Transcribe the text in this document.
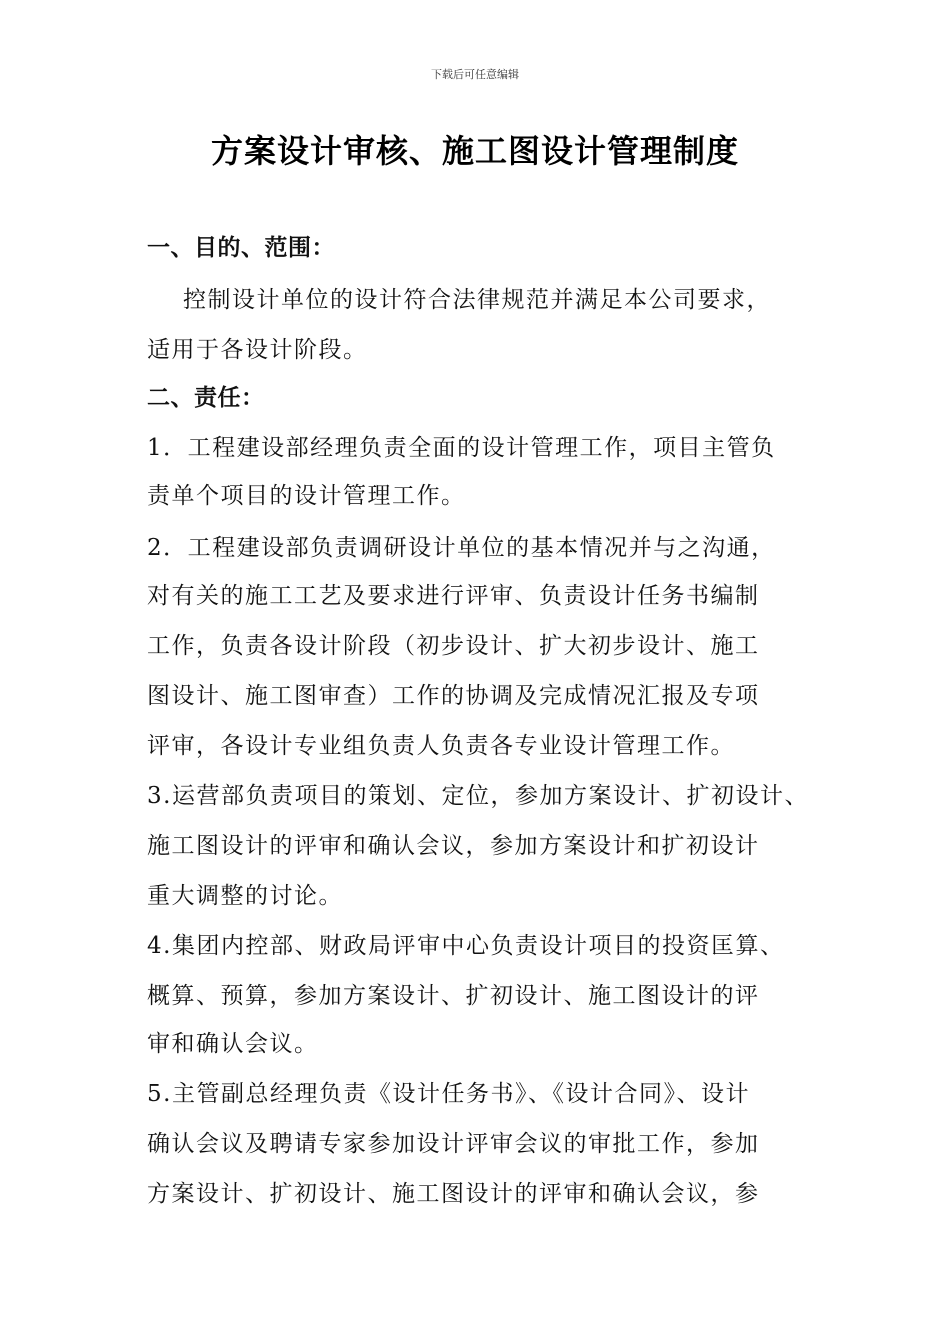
下载后可任意编辑
方案设计审核、施工图设计管理制度
一、目的、范围：
控制设计单位的设计符合法律规范并满足本公司要求，
适用于各设计阶段。
二、责任：
1．工程建设部经理负责全面的设计管理工作，项目主管负
责单个项目的设计管理工作。
2．工程建设部负责调研设计单位的基本情况并与之沟通，
对有关的施工工艺及要求进行评审、负责设计任务书编制
工作，负责各设计阶段（初步设计、扩大初步设计、施工
图设计、施工图审查）工作的协调及完成情况汇报及专项
评审，各设计专业组负责人负责各专业设计管理工作。
3.运营部负责项目的策划、定位，参加方案设计、扩初设计、
施工图设计的评审和确认会议，参加方案设计和扩初设计
重大调整的讨论。
4.集团内控部、财政局评审中心负责设计项目的投资匡算、
概算、预算，参加方案设计、扩初设计、施工图设计的评
审和确认会议。
5.主管副总经理负责《设计任务书》、《设计合同》、设计
确认会议及聘请专家参加设计评审会议的审批工作，参加
方案设计、扩初设计、施工图设计的评审和确认会议，参
